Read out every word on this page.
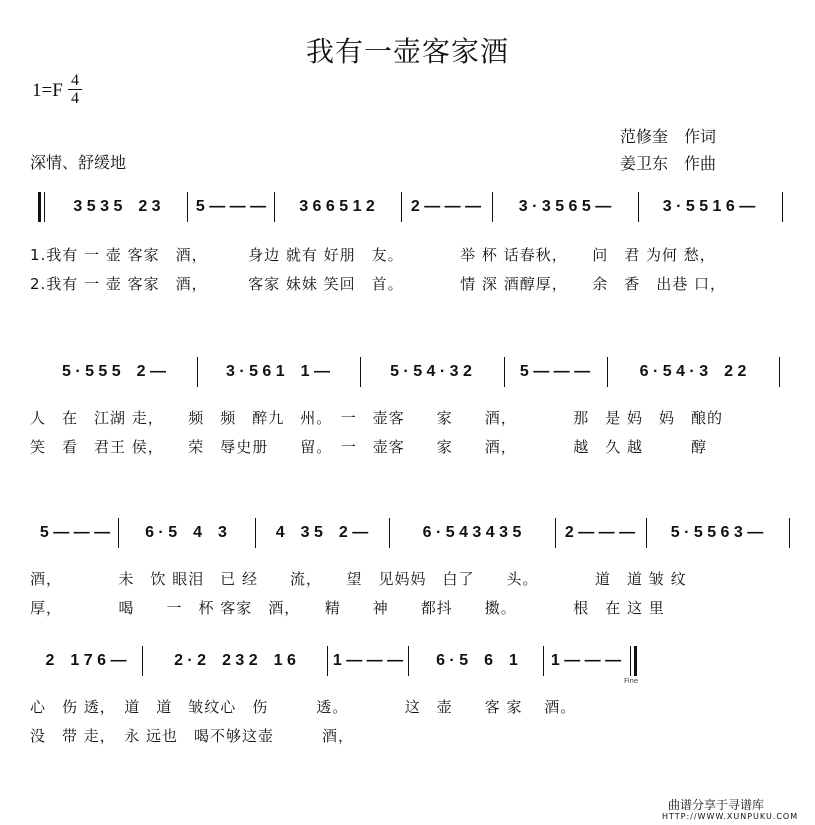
我有一壶客家酒
1=F 4
4
范修奎　作词
姜卫东　作曲
深情、舒缓地
3 5 3 5　2 3	5 — — —	3 6 6 5 1 2	2 — — —	3 · 3 5 6 5 —	3 · 5 5 1 6 —
1.我有 一 壶 客家　酒，　　　身边 就有 好朋　友。　　　　举 杯 话春秋，　　问　君 为何 愁，
2.我有 一 壶 客家　酒，　　　客家 妹妹 笑回　首。　　　　情 深 酒醇厚，　　余　香　出巷 口，
5 · 5 5 5　2 —	3 · 5 6 1　1 —	5 · 5 4 · 3 2	5 — — —	6 · 5 4 · 3　2 2
人　在　江湖 走，　　频　频　醉九　州。　一　壶客　　家　　酒，　　　　那　是 妈　妈　酿的
笑　看　君王 侯，　　荣　辱史册　　留。　一　壶客　　家　　酒，　　　　越　久 越　　　醇
5 — — —	6 · 5　4　3	4　3 5　2 —	6 · 5 4 3 4 3 5	2 — — —	5 · 5 5 6 3 —
酒，　　　　未　饮 眼泪　已 经　　流，　　望　见妈妈　白了　　头。　　　　道　道 皱 纹
厚，　　　　喝　　一　杯 客家　酒，　　精　　神　　都抖　　擞。　　　　根　在 这 里
2　1 7 6 —	2 · 2　2 3 2　1 6	1 — — —	6 · 5　6　1	1 — — —
Fine
心　伤 透，　道　道　皱纹心　伤　　　透。　　　　这　壶　　客 家　 酒。
没　带 走，　永 远也　喝不够这壶　　　酒，
曲谱分享于寻谱库
HTTP://WWW.XUNPUKU.COM
